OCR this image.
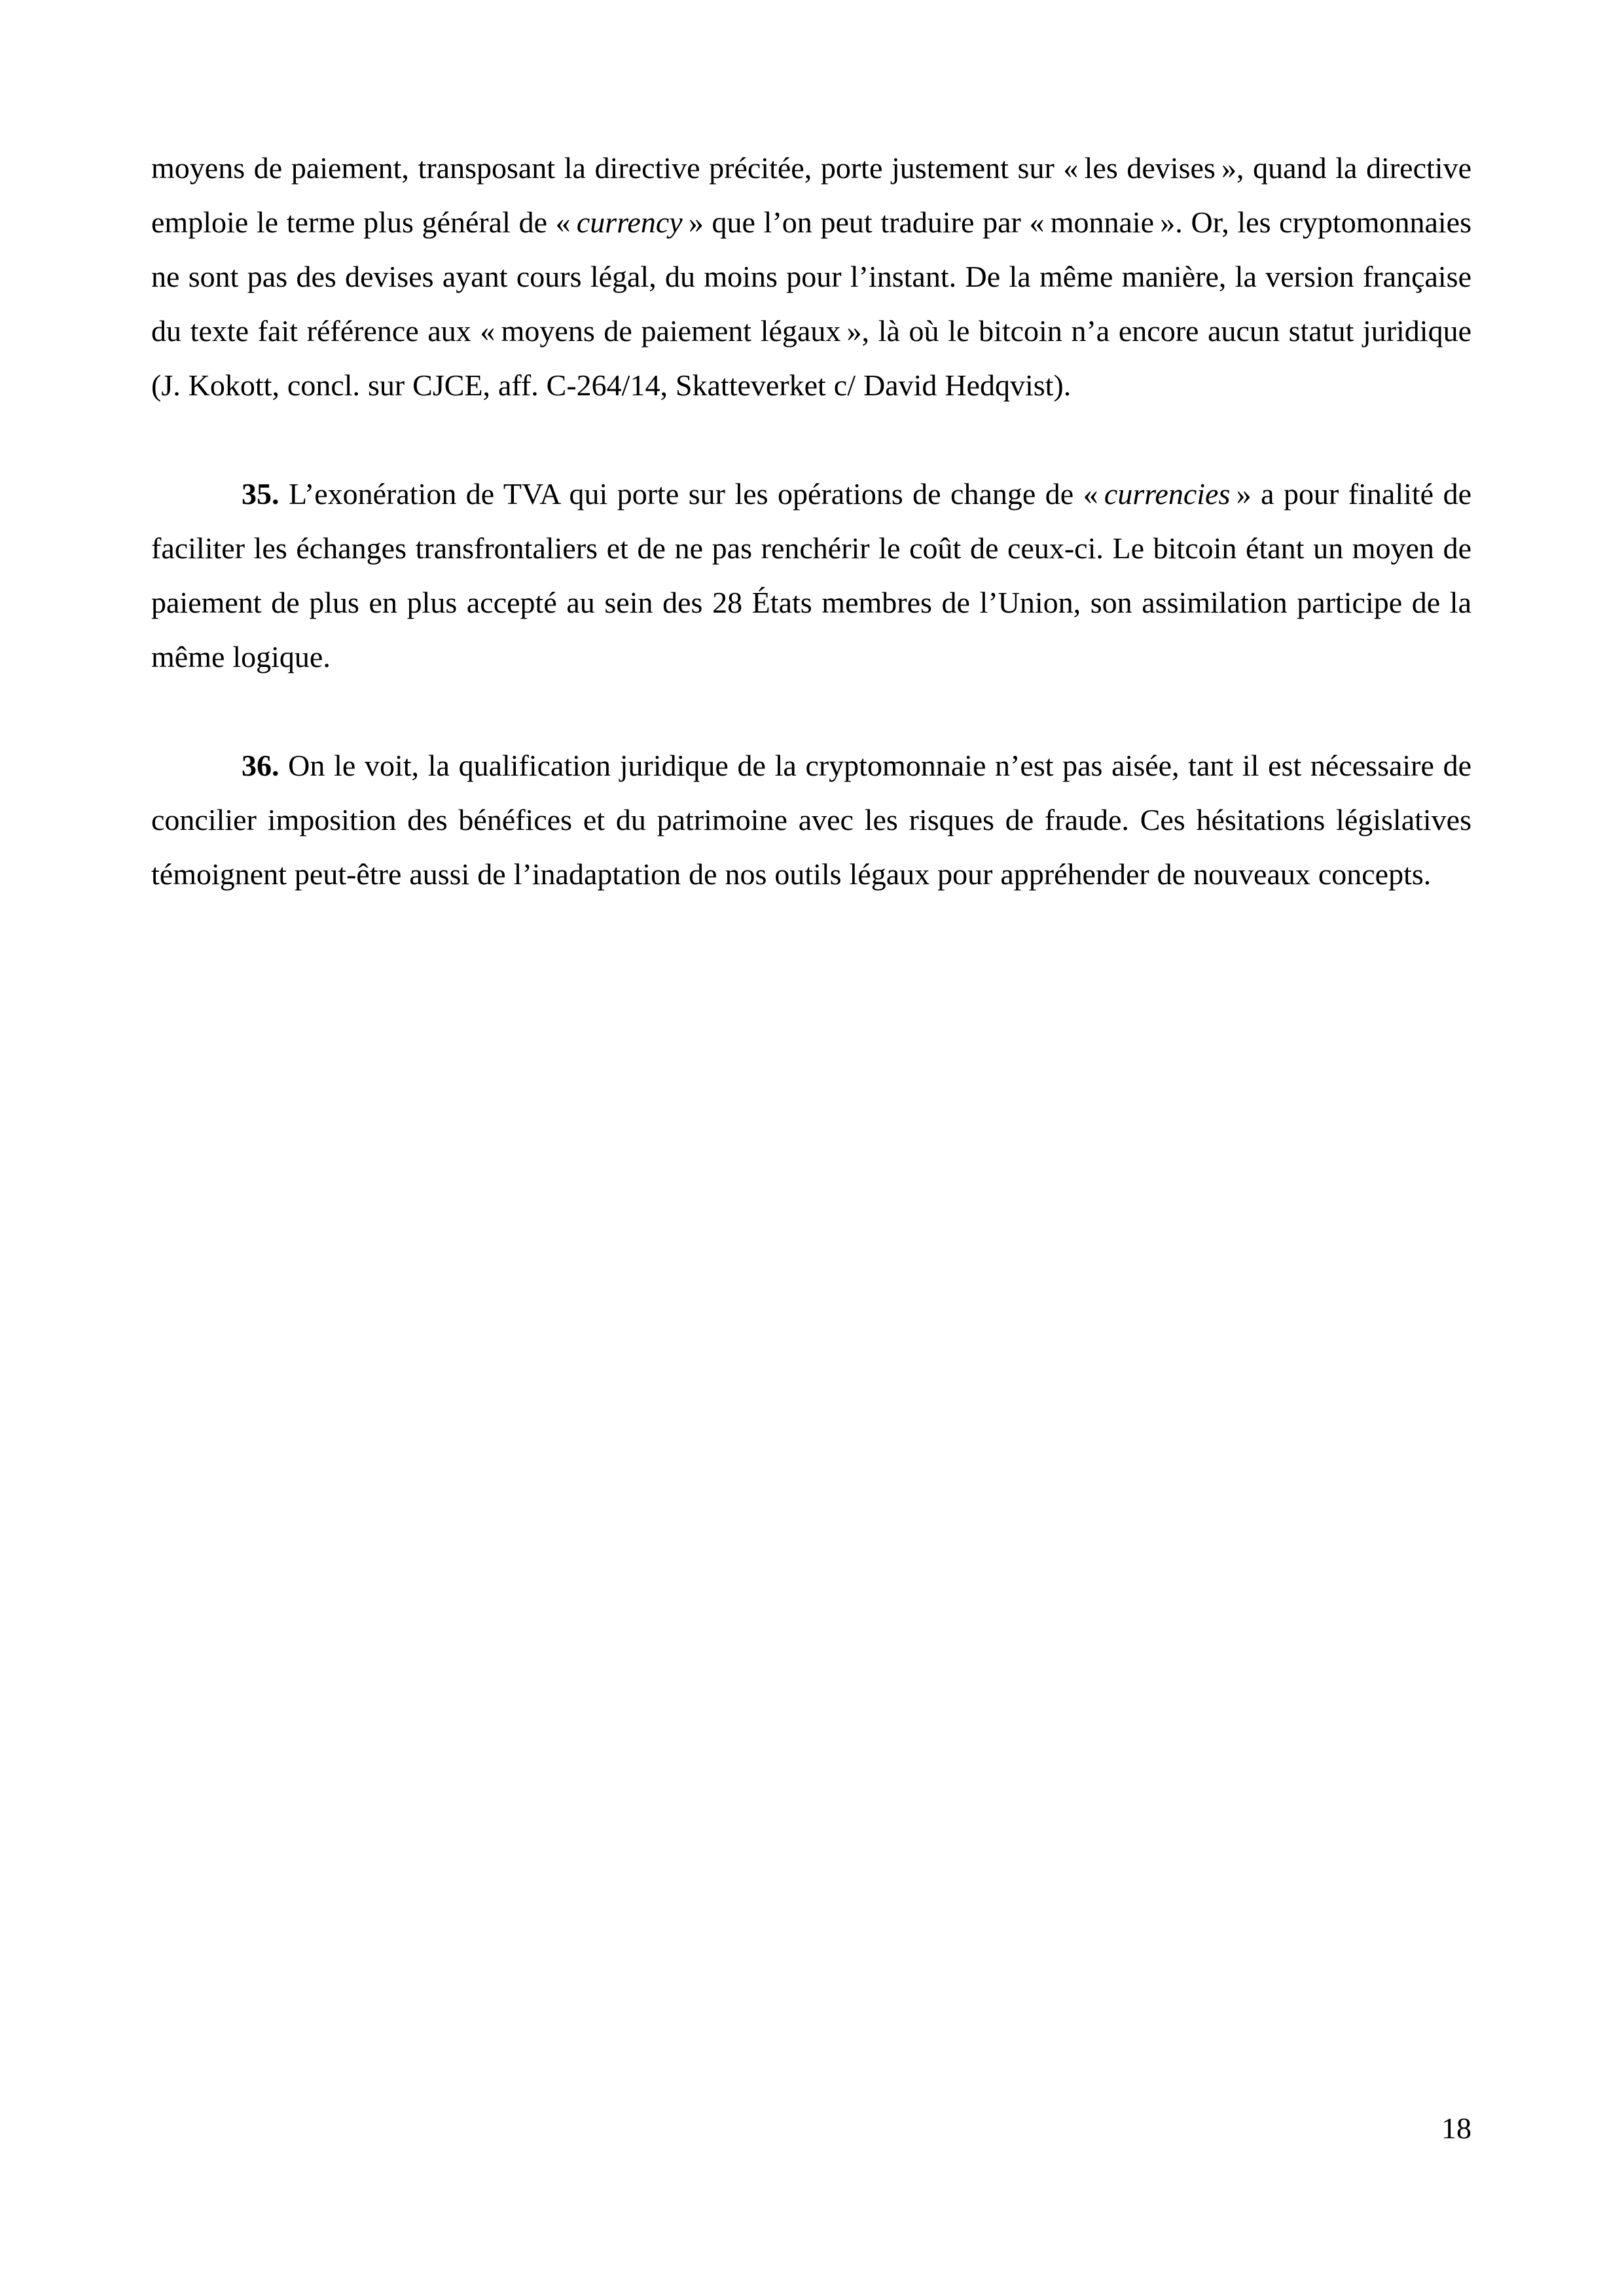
moyens de paiement, transposant la directive précitée, porte justement sur « les devises », quand la directive emploie le terme plus général de « currency » que l’on peut traduire par « monnaie ». Or, les cryptomonnaies ne sont pas des devises ayant cours légal, du moins pour l’instant. De la même manière, la version française du texte fait référence aux « moyens de paiement légaux », là où le bitcoin n’a encore aucun statut juridique (J. Kokott, concl. sur CJCE, aff. C-264/14, Skatteverket c/ David Hedqvist).

35. L’exonération de TVA qui porte sur les opérations de change de « currencies » a pour finalité de faciliter les échanges transfrontaliers et de ne pas renchérir le coût de ceux-ci. Le bitcoin étant un moyen de paiement de plus en plus accepté au sein des 28 États membres de l’Union, son assimilation participe de la même logique.

36. On le voit, la qualification juridique de la cryptomonnaie n’est pas aisée, tant il est nécessaire de concilier imposition des bénéfices et du patrimoine avec les risques de fraude. Ces hésitations législatives témoignent peut-être aussi de l’inadaptation de nos outils légaux pour appréhender de nouveaux concepts.

18
